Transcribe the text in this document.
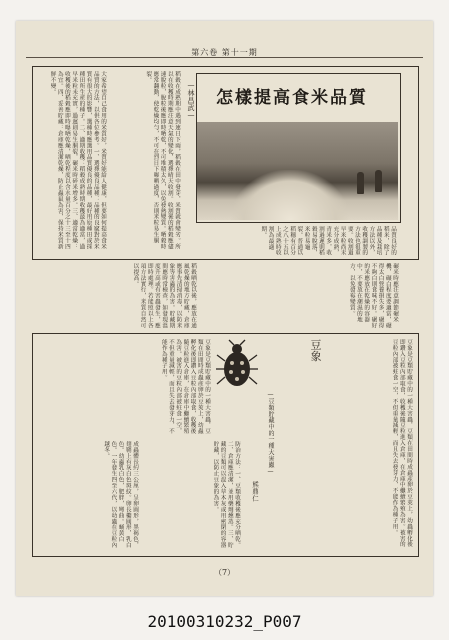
第六卷 第十一期
怎樣提高食米品質
大家希望自己食用的米質好，米質好能給人健康，但要如何提高食米品質的方法，以供各位參考。一、選擇優良品種：品種的良窳對於米質有很大的影響，選種時應選用品質優良的品種，最好用原種田或採種田所生產的種子。二、適期收穫：稻穀成熟時期收穫最為適當，過早米粒未充實，過遲則易生胴裂，碾米時碎米增多。三、適當乾燥：收穫後的稻穀應即時曝晒乾燥，晒乾程度以含水量百分之十三至十四為宜。四、妥善貯藏：倉庫應清潔乾燥，防止蟲鼠為害，保持米質新鮮不變。	稻穀在成熟期中遇到連日下雨，稻穀在田中發芽，米質就會變劣。所以在收穫時期應注意天氣的變化，選擇晴天收割。收割後的稻穀應儘速脫粒，脫粒後應即時晒乾，不可堆積太久，以免發熱變質。晒穀時應常翻動，使乾燥均勻，不可在烈日下曝晒過度，否則米粒易生胴裂。
—林昌武—
品質良好的稻米，除了品種及栽培方法以外，收穫調製的方法也很重要。收割過早米粒尚未充分成熟，青米多，收割過遲則稻穀易脫落，米粒易龜裂。普通以稻穗有百分之八十五以上成熟時收割為最適期。
稻穀晒乾以後，應放在通風乾燥的地方貯藏，倉庫應事先清掃消毒，以防米象等害蟲的為害。貯藏期間應時常檢查，如發現溫度升高或有害蟲發生，應即時處理。若能照以上各項方法實行，米質自然可以提高。	碾米時應注意調節碾米機，碾白程度要適當，碾得太白營養損失多，碾得不夠白則食味不好。碾好的米應放在乾燥的容器中，不要放在潮濕的地方，以免發霉變質。
豆象
—豆類貯藏中的一種大害蟲—
熊鼎仁
豆象是豆類貯藏中的一種大害蟲，豆類在田間時成蟲產卵於豆莢上，幼蟲孵化後即鑽入豆粒內部取食，收穫後隨豆粒進入倉庫，在倉庫中繼續繁殖為害。被害的豆粒內部被蛀食一空，不但重量減輕，而且失去發芽力，不能作為種子用。
成蟲體長約三公厘，呈卵圓形，黑褐色，翅鞘上有灰白色斑紋。卵長橢圓形，乳白色。幼蟲乳白色，肥胖，彎曲。蛹黃白色。一年發生四至六代，以幼蟲在豆粒內越冬。	防治方法：一、豆類收穫後應充分晒乾。二、倉庫應清潔，並用藥劑燻蒸。三、貯藏的豆類可以混入草木灰或用密閉的容器貯藏，以防止豆象的為害。	豆象是豆類貯藏中的一種大害蟲，豆類在田間時成蟲產卵於豆莢上，幼蟲孵化後即鑽入豆粒內部取食，收穫後隨豆粒進入倉庫，在倉庫中繼續繁殖為害。被害的豆粒內部被蛀食一空，不但重量減輕，而且失去發芽力，不能作為種子用。
（7）
20100310232_P007
